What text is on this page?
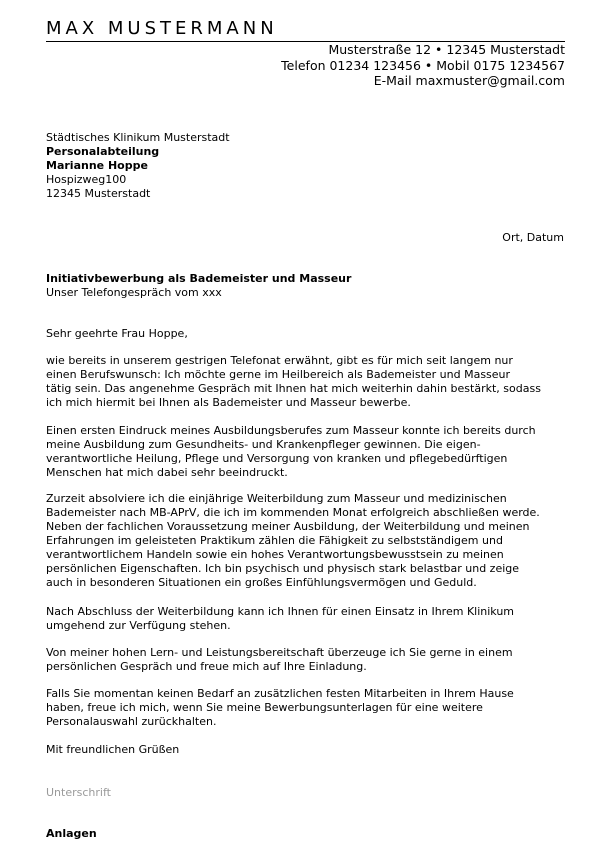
MAX MUSTERMANN
Musterstraße 12 • 12345 Musterstadt
Telefon 01234 123456 • Mobil 0175 1234567
E-Mail maxmuster@gmail.com
Städtisches Klinikum Musterstadt
Personalabteilung
Marianne Hoppe
Hospizweg100
12345 Musterstadt
Ort, Datum
Initiativbewerbung als Bademeister und Masseur
Unser Telefongespräch vom xxx
Sehr geehrte Frau Hoppe,
wie bereits in unserem gestrigen Telefonat erwähnt, gibt es für mich seit langem nur
einen Berufswunsch: Ich möchte gerne im Heilbereich als Bademeister und Masseur
tätig sein. Das angenehme Gespräch mit Ihnen hat mich weiterhin dahin bestärkt, sodass
ich mich hiermit bei Ihnen als Bademeister und Masseur bewerbe.
Einen ersten Eindruck meines Ausbildungsberufes zum Masseur konnte ich bereits durch
meine Ausbildung zum Gesundheits- und Krankenpfleger gewinnen. Die eigen-
verantwortliche Heilung, Pflege und Versorgung von kranken und pflegebedürftigen
Menschen hat mich dabei sehr beeindruckt.
Zurzeit absolviere ich die einjährige Weiterbildung zum Masseur und medizinischen
Bademeister nach MB-APrV, die ich im kommenden Monat erfolgreich abschließen werde.
Neben der fachlichen Voraussetzung meiner Ausbildung, der Weiterbildung und meinen
Erfahrungen im geleisteten Praktikum zählen die Fähigkeit zu selbstständigem und
verantwortlichem Handeln sowie ein hohes Verantwortungsbewusstsein zu meinen
persönlichen Eigenschaften. Ich bin psychisch und physisch stark belastbar und zeige
auch in besonderen Situationen ein großes Einfühlungsvermögen und Geduld.
Nach Abschluss der Weiterbildung kann ich Ihnen für einen Einsatz in Ihrem Klinikum
umgehend zur Verfügung stehen.
Von meiner hohen Lern- und Leistungsbereitschaft überzeuge ich Sie gerne in einem
persönlichen Gespräch und freue mich auf Ihre Einladung.
Falls Sie momentan keinen Bedarf an zusätzlichen festen Mitarbeiten in Ihrem Hause
haben, freue ich mich, wenn Sie meine Bewerbungsunterlagen für eine weitere
Personalauswahl zurückhalten.
Mit freundlichen Grüßen
Unterschrift
Anlagen
